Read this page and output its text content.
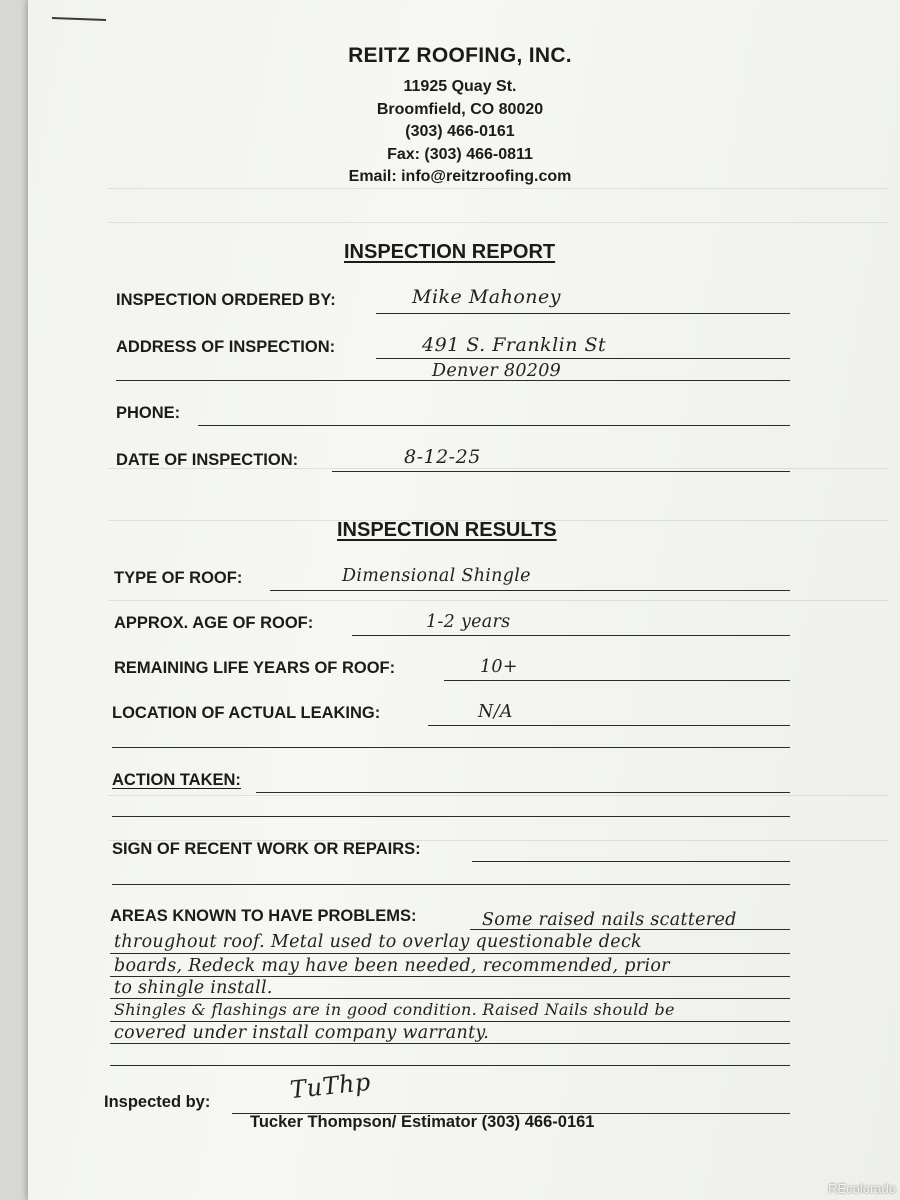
REITZ ROOFING, INC.
11925 Quay St.
Broomfield, CO 80020
(303) 466-0161
Fax: (303) 466-0811
Email: info@reitzroofing.com
INSPECTION REPORT
INSPECTION ORDERED BY:	Mike Mahoney
ADDRESS OF INSPECTION:	491 S. Franklin St
Denver 80209
PHONE:
DATE OF INSPECTION:	8-12-25
INSPECTION RESULTS
TYPE OF ROOF:	Dimensional Shingle
APPROX. AGE OF ROOF:	1-2 years
REMAINING LIFE YEARS OF ROOF:	10+
LOCATION OF ACTUAL LEAKING:	N/A
ACTION TAKEN:
SIGN OF RECENT WORK OR REPAIRS:
AREAS KNOWN TO HAVE PROBLEMS:	Some raised nails scattered
throughout roof. Metal used to overlay questionable deck
boards, Redeck may have been needed, recommended, prior
to shingle install.
Shingles & flashings are in good condition. Raised Nails should be
covered under install company warranty.
Inspected by:	TuThp
Tucker Thompson/ Estimator (303) 466-0161
REcolorado
